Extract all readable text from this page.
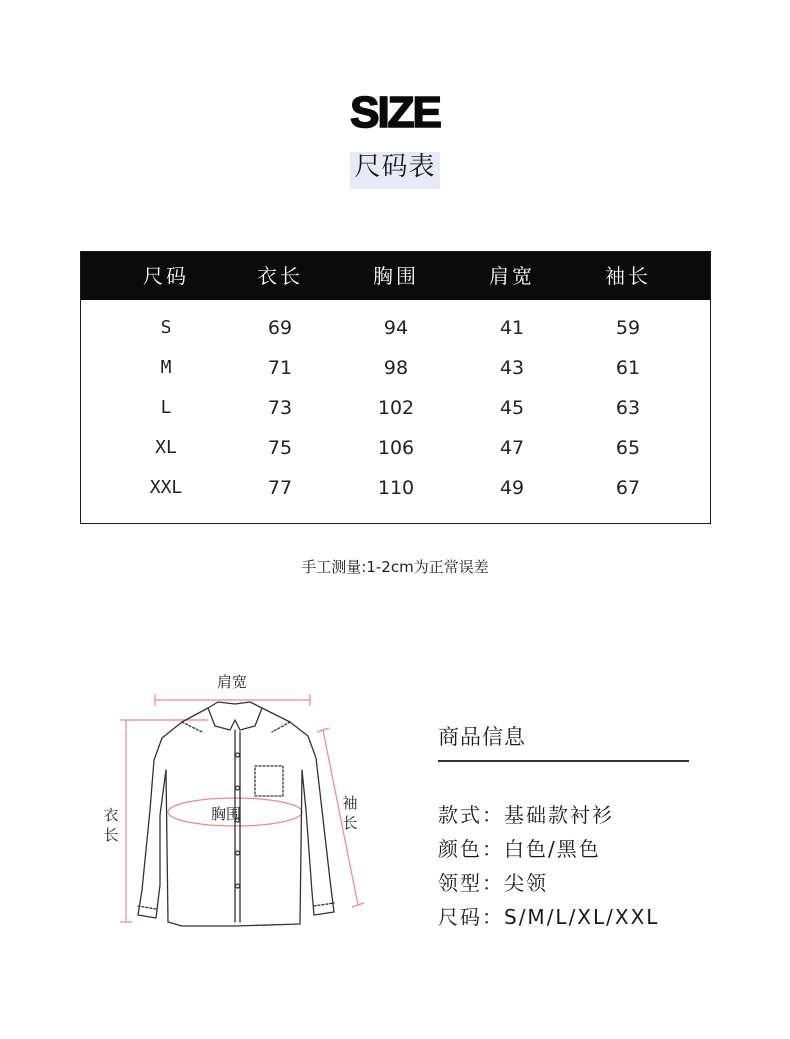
SIZE
尺码表
尺码	衣长	胸围	肩宽	袖长
S	69	94	41	59
M	71	98	43	61
L	73	102	45	63
XL	75	106	47	65
XXL	77	110	49	67
手工测量:1-2cm为正常误差
肩宽
胸围
衣长
袖长
商品信息
款式：基础款衬衫
颜色：白色/黑色
领型：尖领
尺码：S/M/L/XL/XXL
